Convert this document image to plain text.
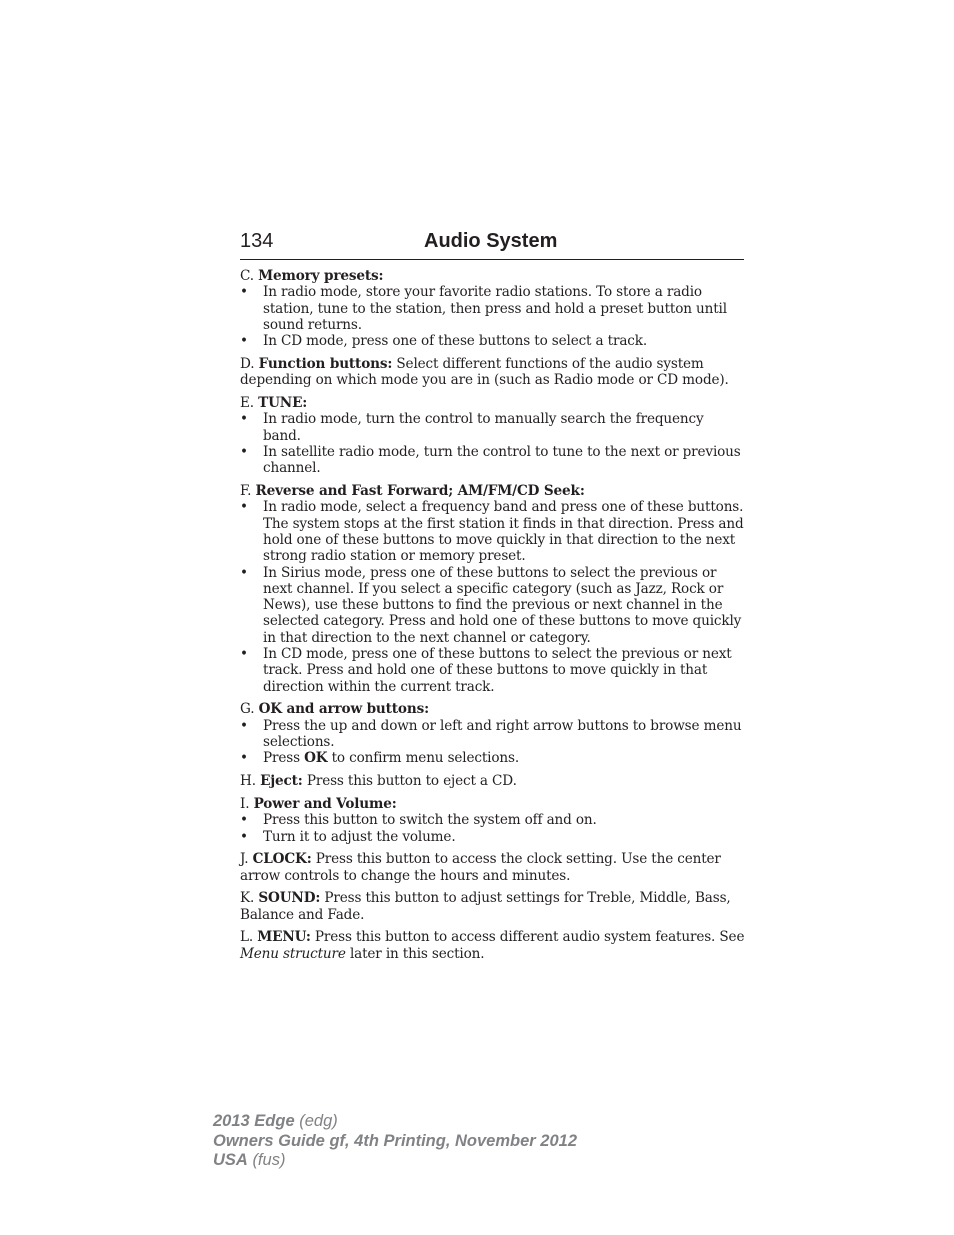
134	Audio System

C. Memory presets:

• In radio mode, store your favorite radio stations. To store a radio station, tune to the station, then press and hold a preset button until sound returns.
• In CD mode, press one of these buttons to select a track.

D. Function buttons: Select different functions of the audio system depending on which mode you are in (such as Radio mode or CD mode).

E. TUNE:

• In radio mode, turn the control to manually search the frequency band.
• In satellite radio mode, turn the control to tune to the next or previous channel.

F. Reverse and Fast Forward; AM/FM/CD Seek:

• In radio mode, select a frequency band and press one of these buttons. The system stops at the first station it finds in that direction. Press and hold one of these buttons to move quickly in that direction to the next strong radio station or memory preset.
• In Sirius mode, press one of these buttons to select the previous or next channel. If you select a specific category (such as Jazz, Rock or News), use these buttons to find the previous or next channel in the selected category. Press and hold one of these buttons to move quickly in that direction to the next channel or category.
• In CD mode, press one of these buttons to select the previous or next track. Press and hold one of these buttons to move quickly in that direction within the current track.

G. OK and arrow buttons:

• Press the up and down or left and right arrow buttons to browse menu selections.
• Press OK to confirm menu selections.

H. Eject: Press this button to eject a CD.

I. Power and Volume:

• Press this button to switch the system off and on.
• Turn it to adjust the volume.

J. CLOCK: Press this button to access the clock setting. Use the center arrow controls to change the hours and minutes.

K. SOUND: Press this button to adjust settings for Treble, Middle, Bass, Balance and Fade.

L. MENU: Press this button to access different audio system features. See Menu structure later in this section.

2013 Edge (edg)
Owners Guide gf, 4th Printing, November 2012
USA (fus)
